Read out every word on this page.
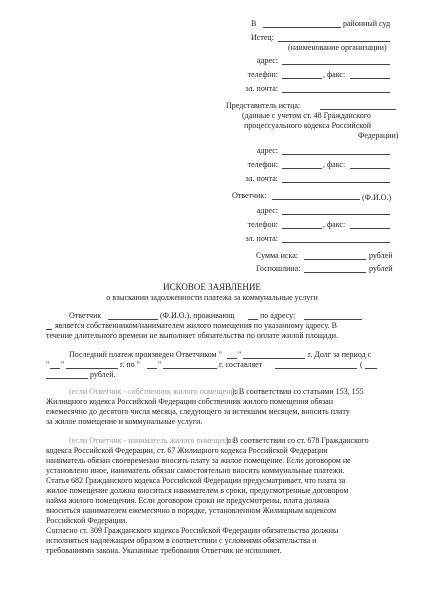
В	районный суд
Истец:
(наименование организации)
адрес:
телефон:	, факс:
эл. почта:
Представитель истца:
(данные с учетом ст. 48 Гражданского
процессуального кодекса Российской
Федерации)
адрес:
телефон:	, факс:
эл. почта:
Ответчик:	(Ф.И.О.)
адрес:
телефон:	, факс:
эл. почта:
Сумма иска:	рублей
Госпошлина:	рублей
ИСКОВОЕ ЗАЯВЛЕНИЕ
о взыскании задолженности платежа за коммунальные услуги
Ответчик	(Ф.И.О.), проживающ	по адресу:
является собственником/нанимателем жилого помещения по указанному адресу. В
течение длительного времени не выполняет обязательства по оплате жилой площади.
Последний платеж произведен Ответчиком " "	г. Долг за период с
" "	г. по " "	г. составляет	(
рублей.
(если Ответчик - собственник жилого помещения
): В соответствии со статьями 153, 155
Жилищного кодекса Российской Федерации собственник жилого помещения обязан
ежемесячно до десятого числа месяца, следующего за истекшим месяцем, вносить плату
за жилое помещение и коммунальные услуги.
(если Ответчик - наниматель жилого помещения
): В соответствии со ст. 678 Гражданского
кодекса Российской Федерации, ст. 67 Жилищного кодекса Российской Федерации
наниматель обязан своевременно вносить плату за жилое помещение. Если договором не
установлено иное, наниматель обязан самостоятельно вносить коммунальные платежи.
Статья 682 Гражданского кодекса Российской Федерации предусматривает, что плата за
жилое помещение должна вноситься нанимателем в сроки, предусмотренные договором
найма жилого помещения. Если договором сроки не предусмотрены, плата должна
вноситься нанимателем ежемесячно в порядке, установленном Жилищным кодексом
Российской Федерации.
Согласно ст. 309 Гражданского кодекса Российской Федерации обязательства должны
исполняться надлежащим образом в соответствии с условиями обязательства и
требованиями закона. Указанные требования Ответчик не исполняет.
